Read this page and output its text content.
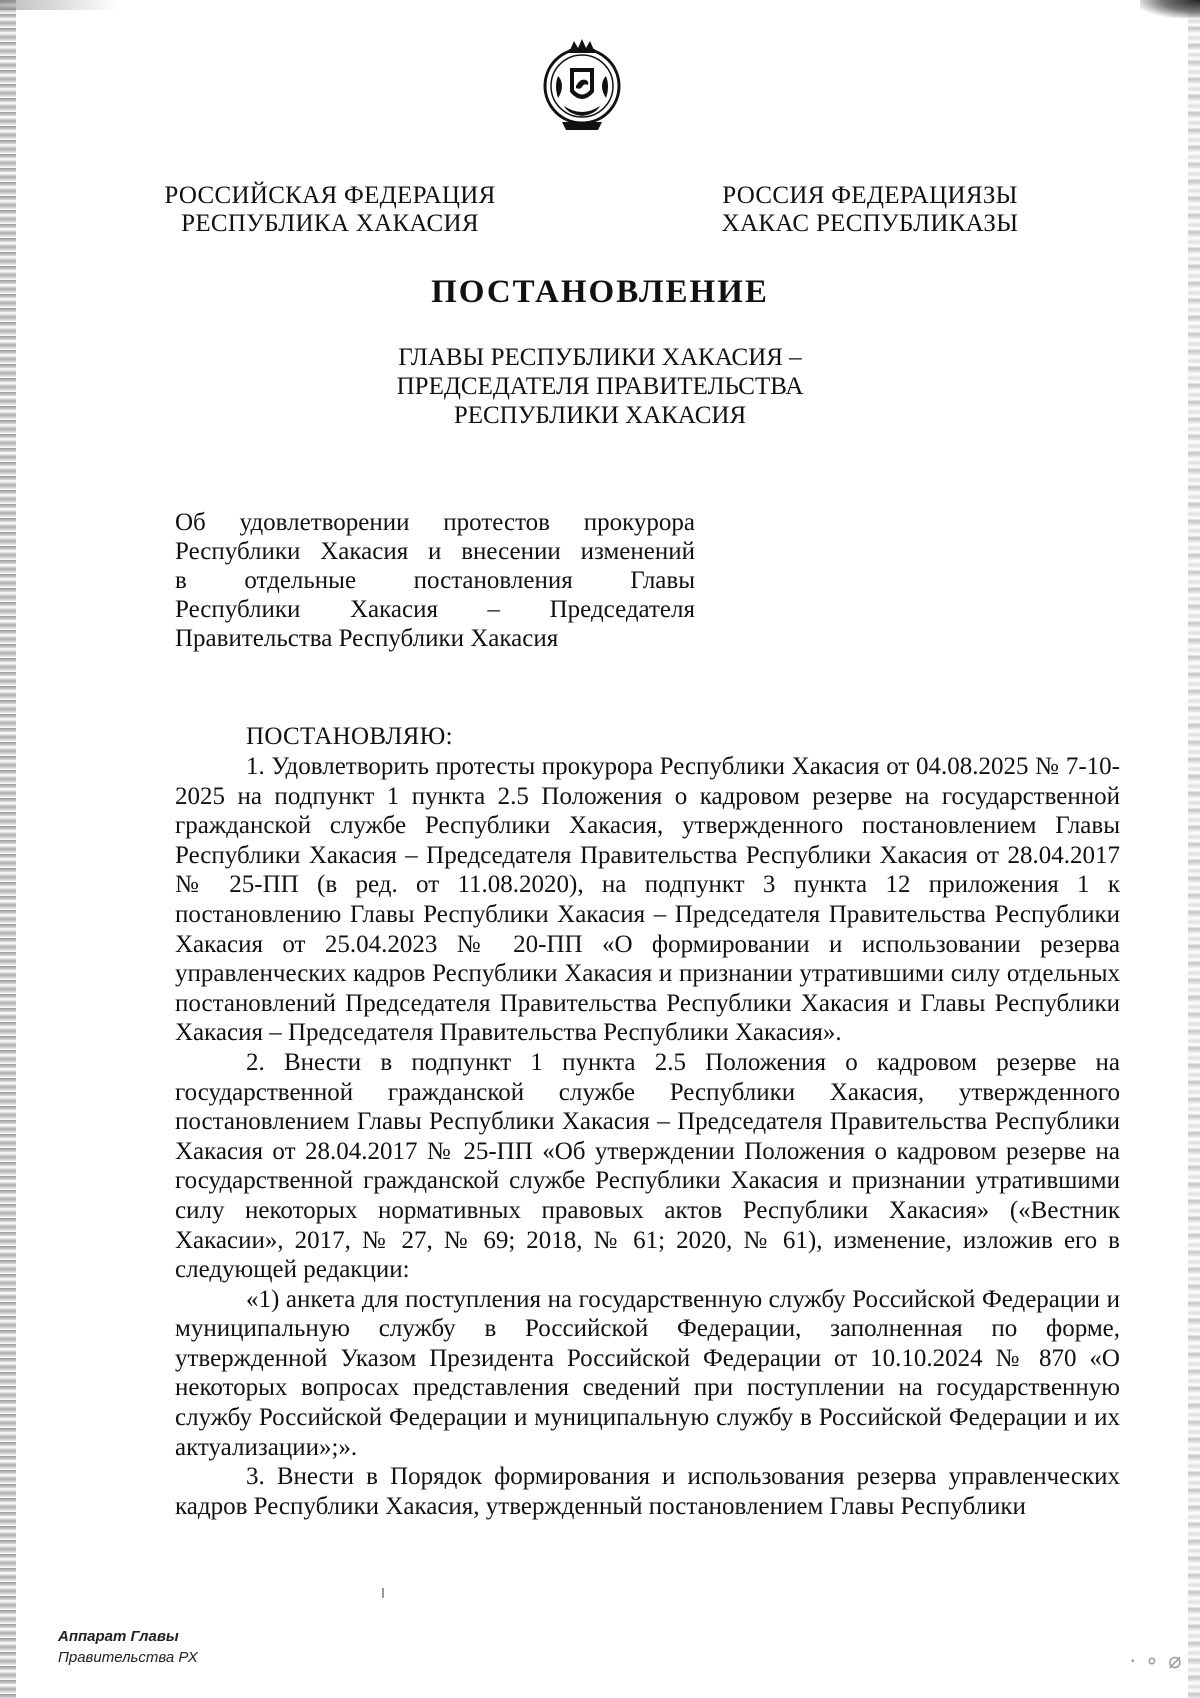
РОССИЙСКАЯ ФЕДЕРАЦИЯ
РЕСПУБЛИКА ХАКАСИЯ
РОССИЯ ФЕДЕРАЦИЯЗЫ
ХАКАС РЕСПУБЛИКАЗЫ
ПОСТАНОВЛЕНИЕ
ГЛАВЫ РЕСПУБЛИКИ ХАКАСИЯ –
ПРЕДСЕДАТЕЛЯ ПРАВИТЕЛЬСТВА
РЕСПУБЛИКИ ХАКАСИЯ
Об удовлетворении протестов прокурора
Республики Хакасия и внесении изменений
в отдельные постановления Главы
Республики Хакасия – Председателя
Правительства Республики Хакасия
ПОСТАНОВЛЯЮ:

1. Удовлетворить протесты прокурора Республики Хакасия от 04.08.2025 № 7-10-2025 на подпункт 1 пункта 2.5 Положения о кадровом резерве на государственной гражданской службе Республики Хакасия, утвержденного постановлением Главы Республики Хакасия – Председателя Правительства Республики Хакасия от 28.04.2017 № 25-ПП (в ред. от 11.08.2020), на подпункт 3 пункта 12 приложения 1 к постановлению Главы Республики Хакасия – Председателя Правительства Республики Хакасия от 25.04.2023 № 20-ПП «О формировании и использовании резерва управленческих кадров Республики Хакасия и признании утратившими силу отдельных постановлений Председателя Правительства Республики Хакасия и Главы Республики Хакасия – Председателя Правительства Республики Хакасия».

2. Внести в подпункт 1 пункта 2.5 Положения о кадровом резерве на государственной гражданской службе Республики Хакасия, утвержденного постановлением Главы Республики Хакасия – Председателя Правительства Республики Хакасия от 28.04.2017 № 25-ПП «Об утверждении Положения о кадровом резерве на государственной гражданской службе Республики Хакасия и признании утратившими силу некоторых нормативных правовых актов Республики Хакасия» («Вестник Хакасии», 2017, № 27, № 69; 2018, № 61; 2020, № 61), изменение, изложив его в следующей редакции:

«1) анкета для поступления на государственную службу Российской Федерации и муниципальную службу в Российской Федерации, заполненная по форме, утвержденной Указом Президента Российской Федерации от 10.10.2024 № 870 «О некоторых вопросах представления сведений при поступлении на государственную службу Российской Федерации и муниципальную службу в Российской Федерации и их актуализации»;».

3. Внести в Порядок формирования и использования резерва управленческих кадров Республики Хакасия, утвержденный постановлением Главы Республики

Аппарат Главы
Правительства РХ	∙ ∘ ⌀
